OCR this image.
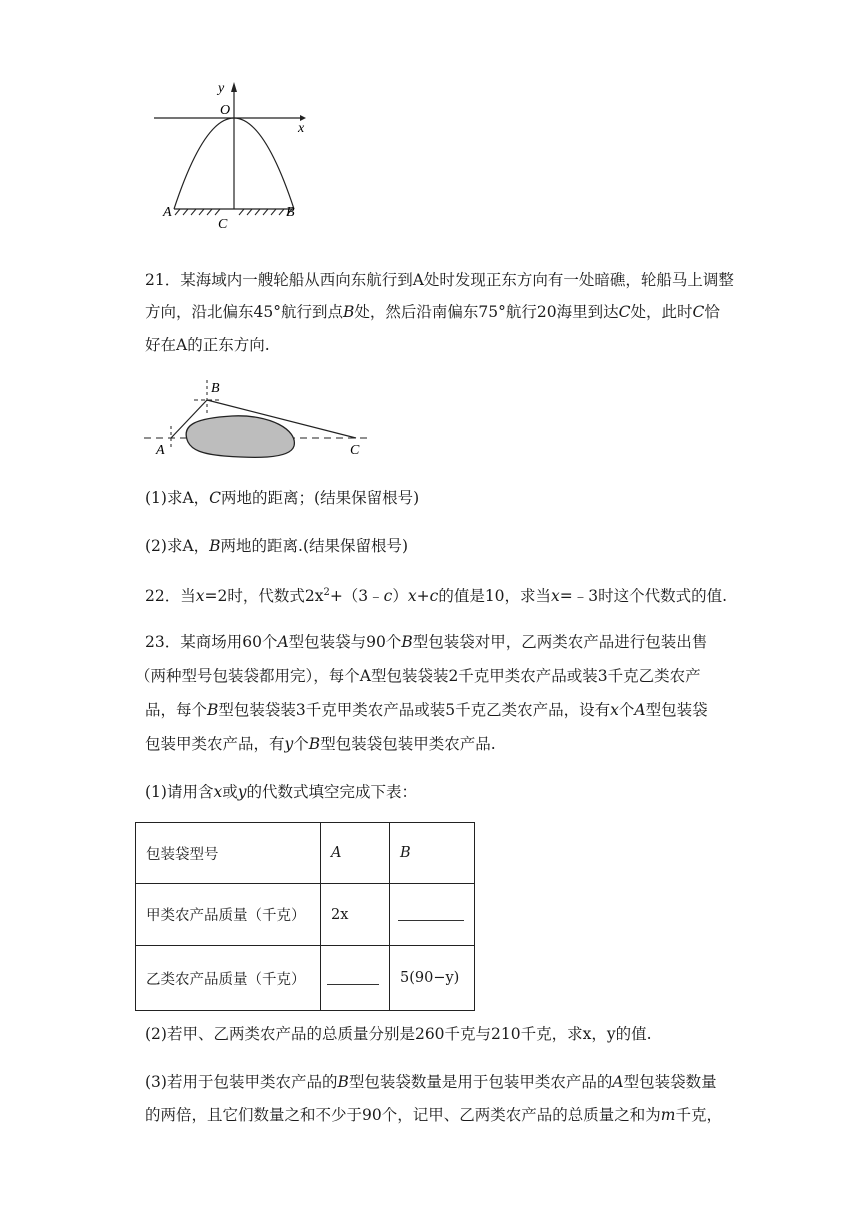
y
x
O
A	B
C
21．某海域内一艘轮船从西向东航行到A处时发现正东方向有一处暗礁，轮船马上调整
方向，沿北偏东45°航行到点B处，然后沿南偏东75°航行20海里到达C处，此时C恰
好在A的正东方向.
A
B
C
(1)求A，C两地的距离；(结果保留根号)
(2)求A，B两地的距离.(结果保留根号)
22．当x=2时，代数式$2x^2+(3﹣c)x+c$的值是10，求当x=﹣3时这个代数式的值.
23．某商场用60个A型包装袋与90个B型包装袋对甲，乙两类农产品进行包装出售
（两种型号包装袋都用完），每个A型包装袋装2千克甲类农产品或装3千克乙类农产
品，每个B型包装袋装3千克甲类农产品或装5千克乙类农产品，设有x个A型包装袋
包装甲类农产品，有y个B型包装袋包装甲类农产品.
(1)请用含x或y的代数式填空完成下表：
包装袋型号	A	B
甲类农产品质量（千克）	2x	
乙类农产品质量（千克）		5(90−y)
(2)若甲、乙两类农产品的总质量分别是260千克与210千克，求x，y的值.
(3)若用于包装甲类农产品的B型包装袋数量是用于包装甲类农产品的A型包装袋数量
的两倍，且它们数量之和不少于90个，记甲、乙两类农产品的总质量之和为m千克，
